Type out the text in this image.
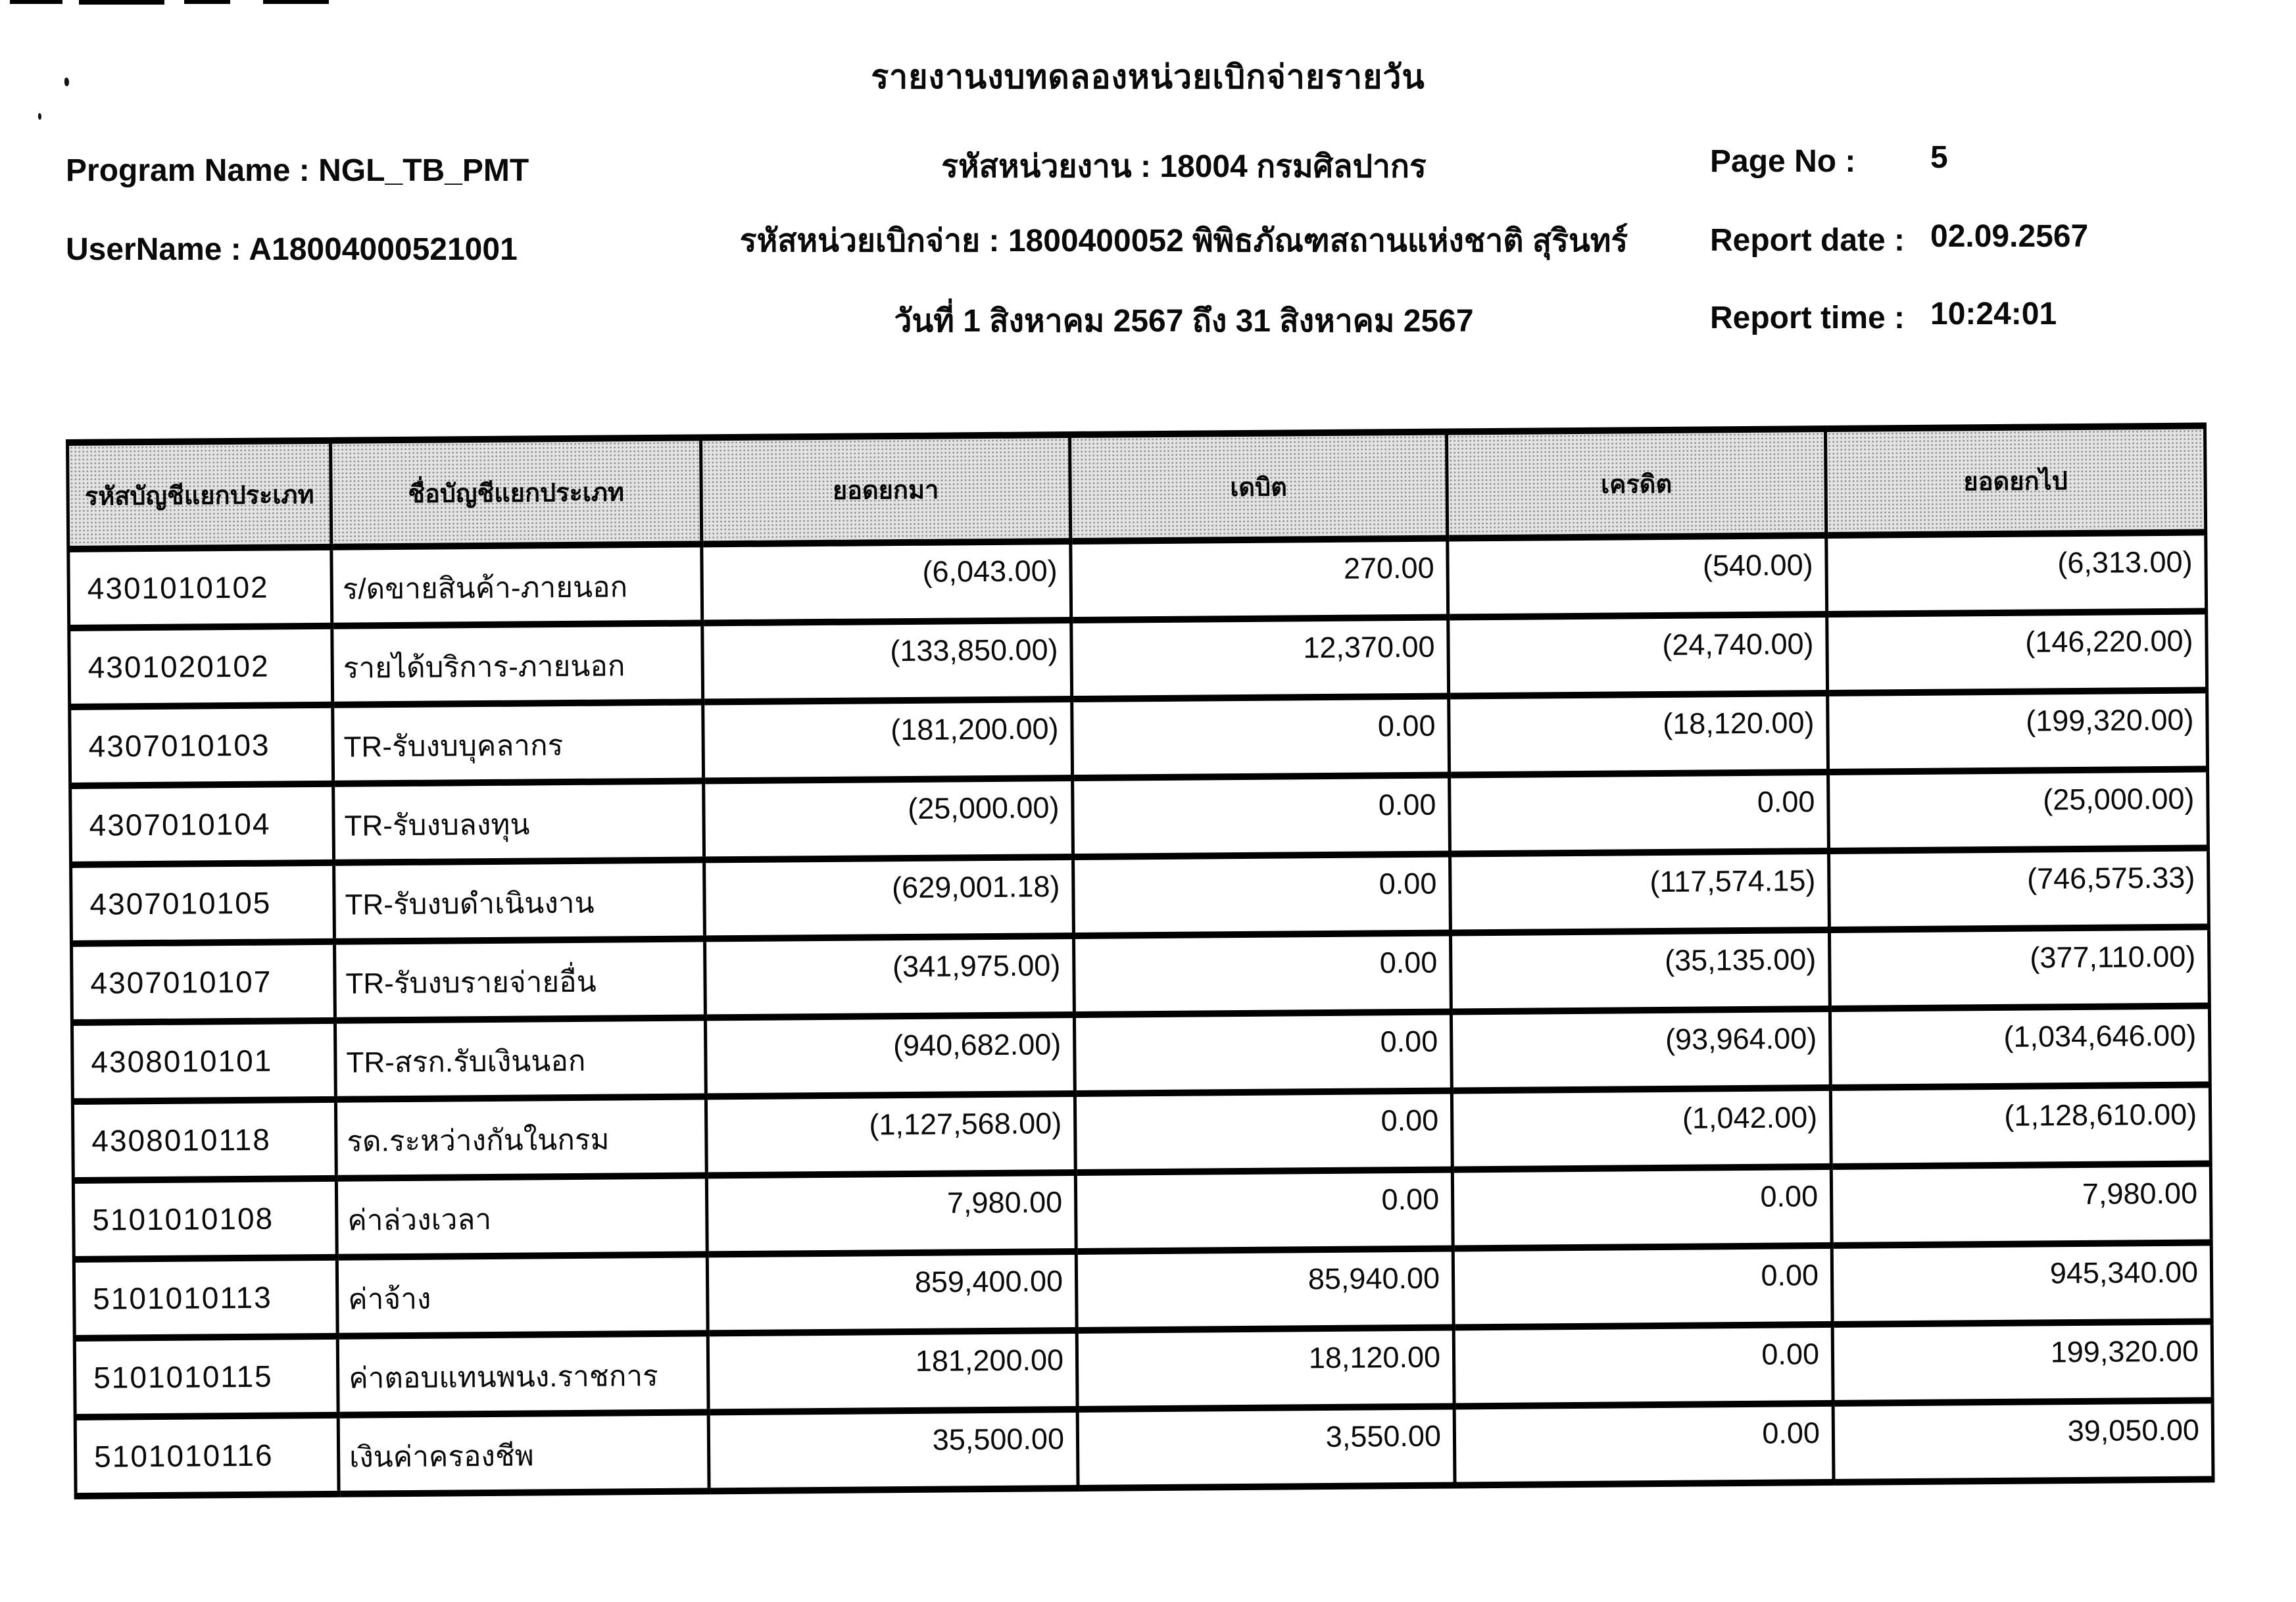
รายงานงบทดลองหน่วยเบิกจ่ายรายวัน
Program Name : NGL_TB_PMT
UserName : A18004000521001
รหัสหน่วยงาน : 18004 กรมศิลปากร
รหัสหน่วยเบิกจ่าย : 1800400052 พิพิธภัณฑสถานแห่งชาติ สุรินทร์
วันที่ 1 สิงหาคม 2567 ถึง 31 สิงหาคม 2567
Page No : 5
Report date : 02.09.2567
Report time : 10:24:01
รหัสบัญชีแยกประเภท	ชื่อบัญชีแยกประเภท	ยอดยกมา	เดบิต	เครดิต	ยอดยกไป
4301010102	ร/ดขายสินค้า-ภายนอก	(6,043.00)	270.00	(540.00)	(6,313.00)
4301020102	รายได้บริการ-ภายนอก	(133,850.00)	12,370.00	(24,740.00)	(146,220.00)
4307010103	TR-รับงบบุคลากร	(181,200.00)	0.00	(18,120.00)	(199,320.00)
4307010104	TR-รับงบลงทุน	(25,000.00)	0.00	0.00	(25,000.00)
4307010105	TR-รับงบดำเนินงาน	(629,001.18)	0.00	(117,574.15)	(746,575.33)
4307010107	TR-รับงบรายจ่ายอื่น	(341,975.00)	0.00	(35,135.00)	(377,110.00)
4308010101	TR-สรก.รับเงินนอก	(940,682.00)	0.00	(93,964.00)	(1,034,646.00)
4308010118	รด.ระหว่างกันในกรม	(1,127,568.00)	0.00	(1,042.00)	(1,128,610.00)
5101010108	ค่าล่วงเวลา	7,980.00	0.00	0.00	7,980.00
5101010113	ค่าจ้าง	859,400.00	85,940.00	0.00	945,340.00
5101010115	ค่าตอบแทนพนง.ราชการ	181,200.00	18,120.00	0.00	199,320.00
5101010116	เงินค่าครองชีพ	35,500.00	3,550.00	0.00	39,050.00
